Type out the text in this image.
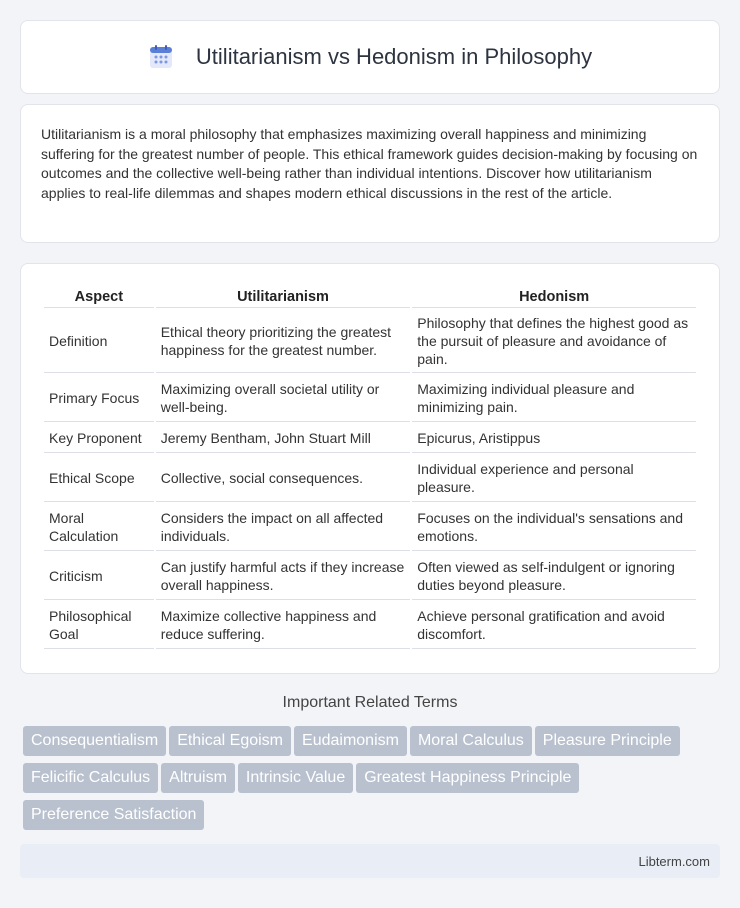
Utilitarianism vs Hedonism in Philosophy

Utilitarianism is a moral philosophy that emphasizes maximizing overall happiness and minimizing suffering for the greatest number of people. This ethical framework guides decision-making by focusing on outcomes and the collective well-being rather than individual intentions. Discover how utilitarianism applies to real-life dilemmas and shapes modern ethical discussions in the rest of the article.

Aspect	Utilitarianism	Hedonism
Definition	Ethical theory prioritizing the greatest happiness for the greatest number.	Philosophy that defines the highest good as the pursuit of pleasure and avoidance of pain.
Primary Focus	Maximizing overall societal utility or well-being.	Maximizing individual pleasure and minimizing pain.
Key Proponent	Jeremy Bentham, John Stuart Mill	Epicurus, Aristippus
Ethical Scope	Collective, social consequences.	Individual experience and personal pleasure.
Moral Calculation	Considers the impact on all affected individuals.	Focuses on the individual's sensations and emotions.
Criticism	Can justify harmful acts if they increase overall happiness.	Often viewed as self-indulgent or ignoring duties beyond pleasure.
Philosophical Goal	Maximize collective happiness and reduce suffering.	Achieve personal gratification and avoid discomfort.
Important Related Terms
Consequentialism Ethical Egoism Eudaimonism Moral Calculus Pleasure Principle
Felicific Calculus Altruism Intrinsic Value Greatest Happiness Principle
Preference Satisfaction
Libterm.com
